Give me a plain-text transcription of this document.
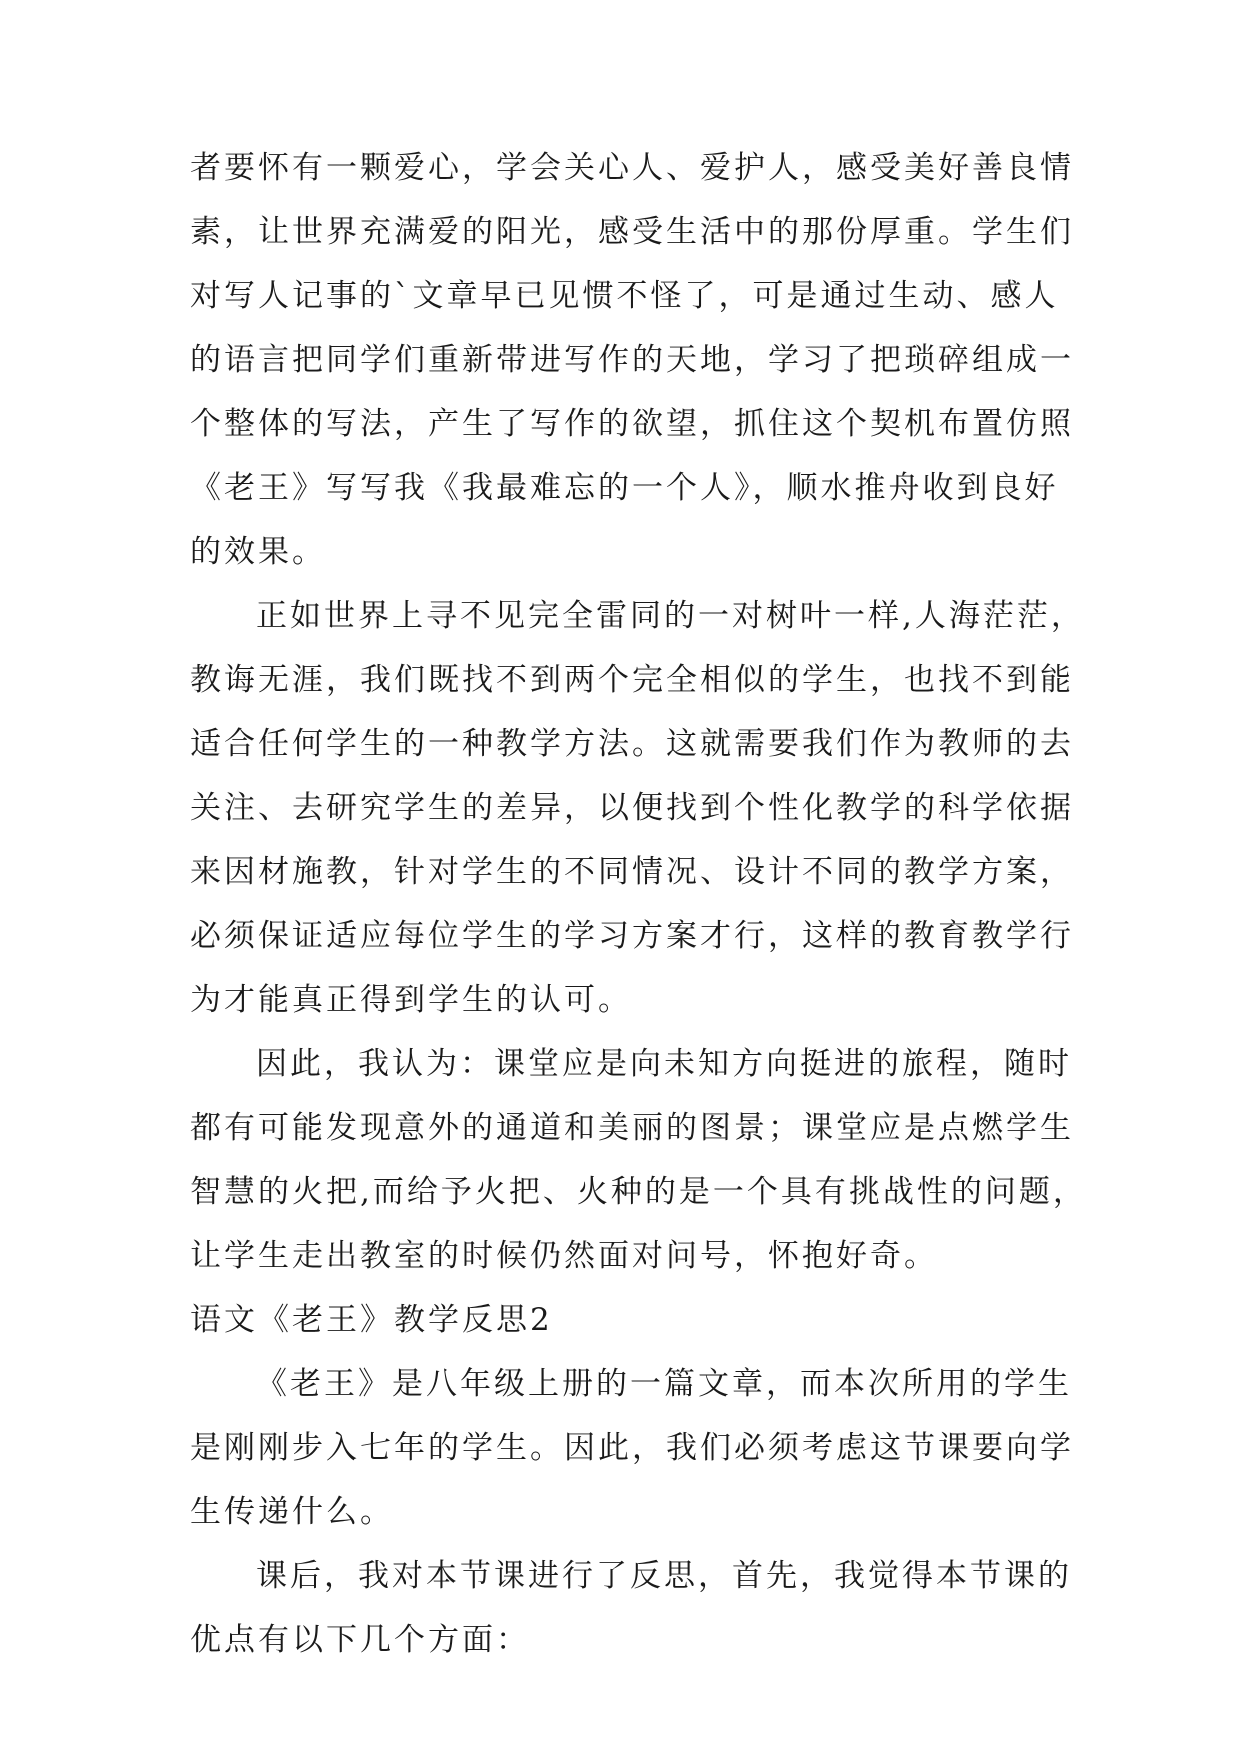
者要怀有一颗爱心，学会关心人、爱护人，感受美好善良情
素，让世界充满爱的阳光，感受生活中的那份厚重。学生们
对写人记事的`文章早已见惯不怪了，可是通过生动、感人
的语言把同学们重新带进写作的天地，学习了把琐碎组成一
个整体的写法，产生了写作的欲望，抓住这个契机布置仿照
《老王》写写我《我最难忘的一个人》，顺水推舟收到良好
的效果。

正如世界上寻不见完全雷同的一对树叶一样,人海茫茫，
教诲无涯，我们既找不到两个完全相似的学生，也找不到能
适合任何学生的一种教学方法。这就需要我们作为教师的去
关注、去研究学生的差异，以便找到个性化教学的科学依据
来因材施教，针对学生的不同情况、设计不同的教学方案，
必须保证适应每位学生的学习方案才行，这样的教育教学行
为才能真正得到学生的认可。

因此，我认为：课堂应是向未知方向挺进的旅程，随时
都有可能发现意外的通道和美丽的图景；课堂应是点燃学生
智慧的火把,而给予火把、火种的是一个具有挑战性的问题，
让学生走出教室的时候仍然面对问号，怀抱好奇。

语文《老王》教学反思2

《老王》是八年级上册的一篇文章，而本次所用的学生
是刚刚步入七年的学生。因此，我们必须考虑这节课要向学
生传递什么。

课后，我对本节课进行了反思，首先，我觉得本节课的
优点有以下几个方面：
